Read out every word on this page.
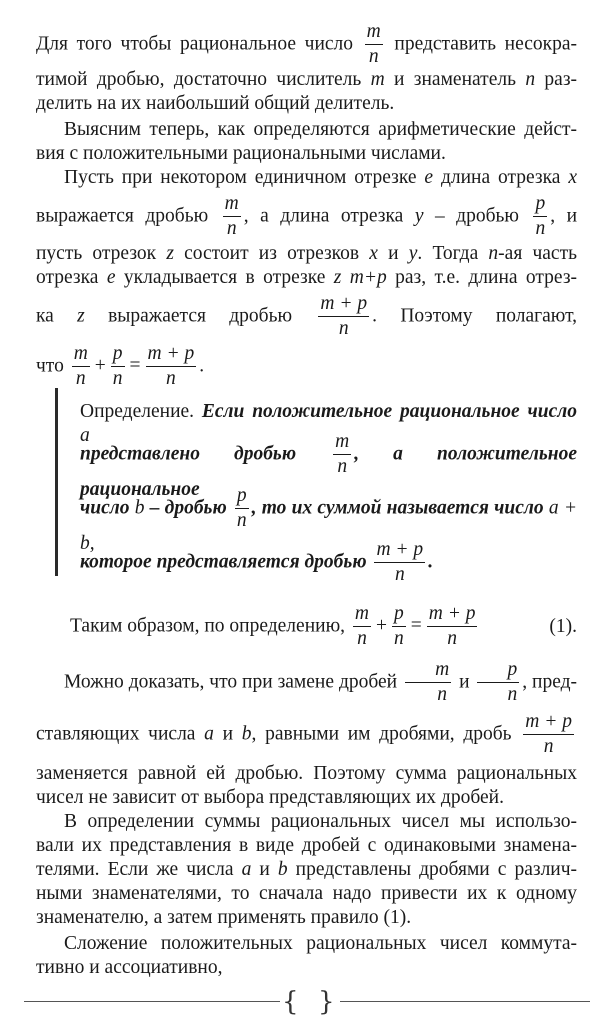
Для того чтобы рациональное число $\frac{m}{n}$ представить несокра-
тимой дробью, достаточно числитель m и знаменатель n раз-
делить на их наибольший общий делитель.
Выясним теперь, как определяются арифметические дейст-
вия с положительными рациональными числами.
Пусть при некотором единичном отрезке e длина отрезка x
выражается дробью $\frac{m}{n}$ , а длина отрезка y – дробью $\frac{p}{n}$ , и
пусть отрезок z состоит из отрезков x и y. Тогда n-ая часть
отрезка e укладывается в отрезке z m+p раз, т.е. длина отрез-
ка z выражается дробью $\frac{m + p}{n}$ . Поэтому полагают,
что $\frac{m}{n} + \frac{p}{n} = \frac{m + p}{n}$ .
Определение. Если положительное рациональное число a
представлено дробью $\frac{m}{n}$ , а положительное рациональное
число b – дробью $\frac{p}{n}$ , то их суммой называется число a + b,
которое представляется дробью $\frac{m + p}{n}$ .
Таким образом, по определению, $\frac{m}{n} + \frac{p}{n} = \frac{m + p}{n}$	(1).
Можно доказать, что при замене дробей $\frac{m}{n}$ и $\frac{p}{n}$ , пред-
ставляющих числа a и b, равными им дробями, дробь $\frac{m + p}{n}$
заменяется равной ей дробью. Поэтому сумма рациональных
чисел не зависит от выбора представляющих их дробей.
В определении суммы рациональных чисел мы использо-
вали их представления в виде дробей с одинаковыми знамена-
телями. Если же числа a и b представлены дробями с различ-
ными знаменателями, то сначала надо привести их к одному
знаменателю, а затем применять правило (1).
Сложение положительных рациональных чисел коммута-
тивно и ассоциативно,
{ }
